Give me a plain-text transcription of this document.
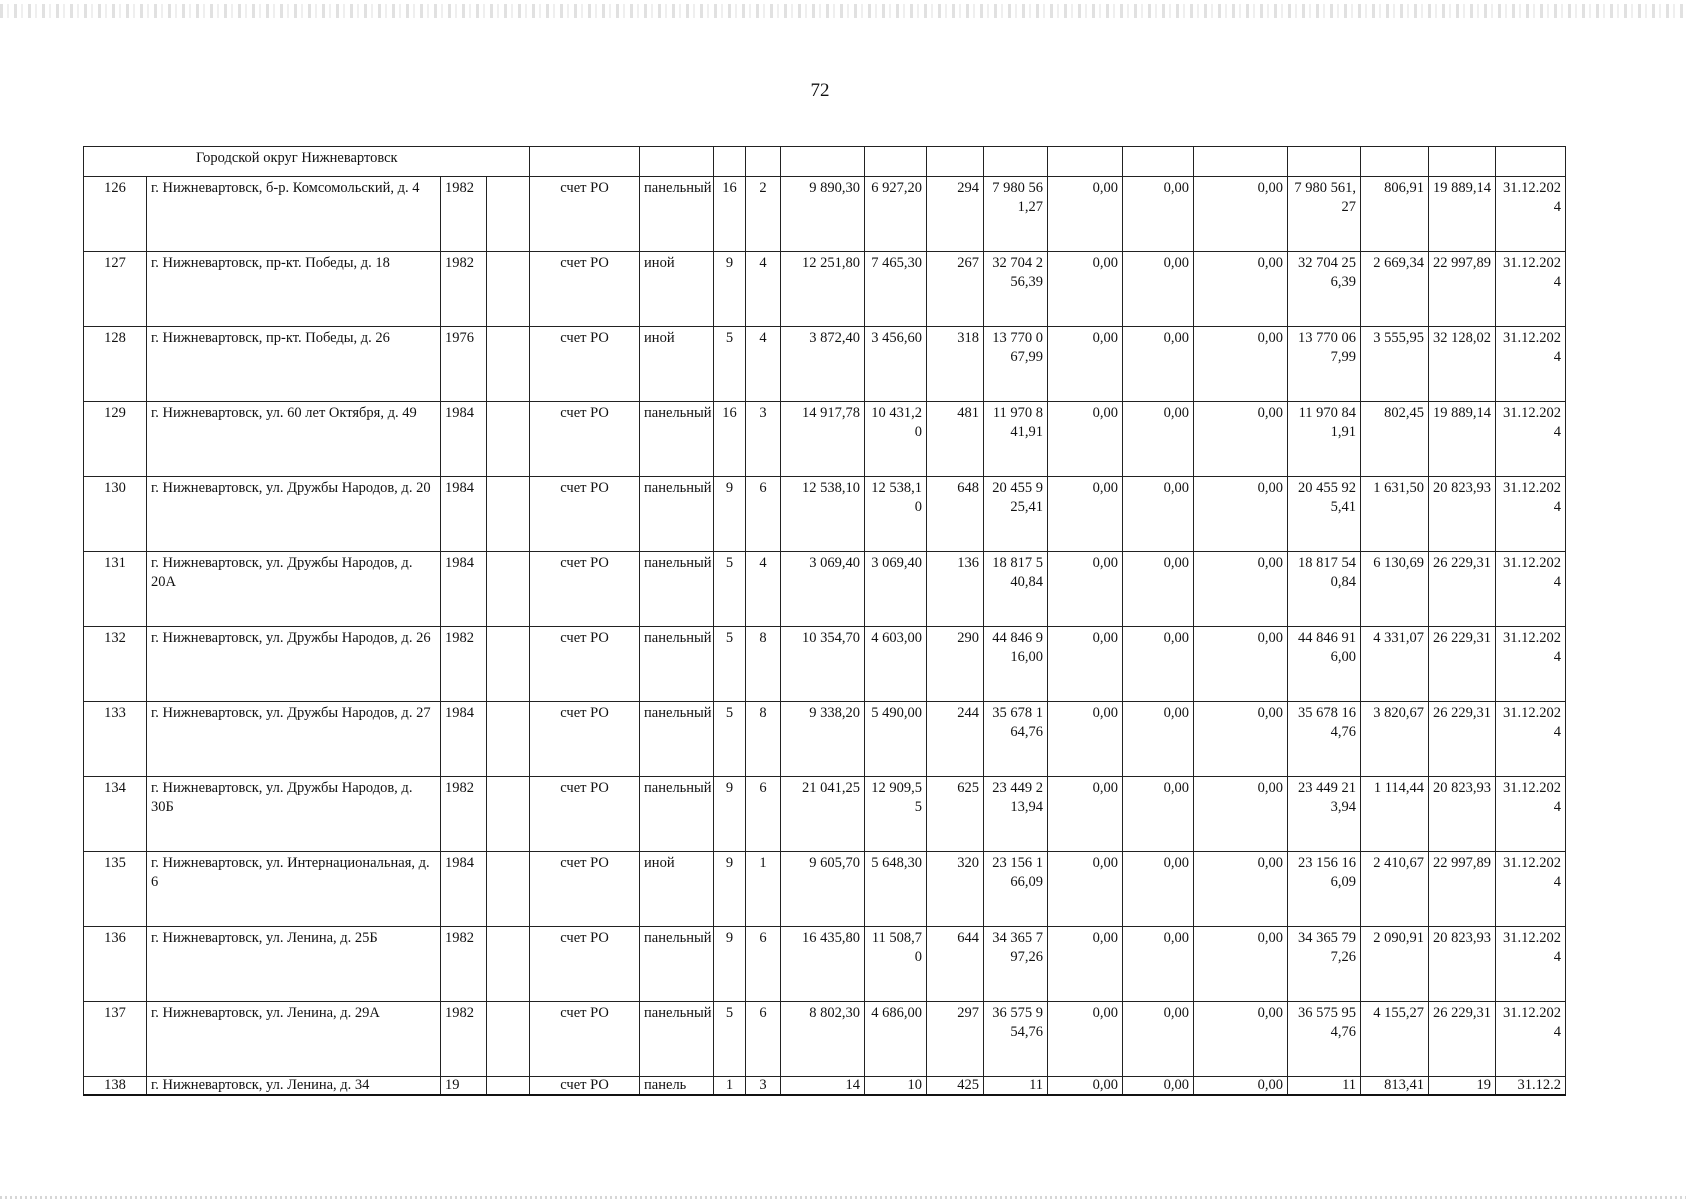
72
Городской округ Нижневартовск																		
126	г. Нижневартовск, б-р. Комсомольский, д. 4	1982		счет РО	панельный	16	2	9 890,30	6 927,20	294	7 980 561,27	0,00	0,00	0,00	7 980 561,27	806,91	19 889,14	31.12.2024
127	г. Нижневартовск, пр-кт. Победы, д. 18	1982		счет РО	иной	9	4	12 251,80	7 465,30	267	32 704 256,39	0,00	0,00	0,00	32 704 256,39	2 669,34	22 997,89	31.12.2024
128	г. Нижневартовск, пр-кт. Победы, д. 26	1976		счет РО	иной	5	4	3 872,40	3 456,60	318	13 770 067,99	0,00	0,00	0,00	13 770 067,99	3 555,95	32 128,02	31.12.2024
129	г. Нижневартовск, ул. 60 лет Октября, д. 49	1984		счет РО	панельный	16	3	14 917,78	10 431,20	481	11 970 841,91	0,00	0,00	0,00	11 970 841,91	802,45	19 889,14	31.12.2024
130	г. Нижневартовск, ул. Дружбы Народов, д. 20	1984		счет РО	панельный	9	6	12 538,10	12 538,10	648	20 455 925,41	0,00	0,00	0,00	20 455 925,41	1 631,50	20 823,93	31.12.2024
131	г. Нижневартовск, ул. Дружбы Народов, д. 20А	1984		счет РО	панельный	5	4	3 069,40	3 069,40	136	18 817 540,84	0,00	0,00	0,00	18 817 540,84	6 130,69	26 229,31	31.12.2024
132	г. Нижневартовск, ул. Дружбы Народов, д. 26	1982		счет РО	панельный	5	8	10 354,70	4 603,00	290	44 846 916,00	0,00	0,00	0,00	44 846 916,00	4 331,07	26 229,31	31.12.2024
133	г. Нижневартовск, ул. Дружбы Народов, д. 27	1984		счет РО	панельный	5	8	9 338,20	5 490,00	244	35 678 164,76	0,00	0,00	0,00	35 678 164,76	3 820,67	26 229,31	31.12.2024
134	г. Нижневартовск, ул. Дружбы Народов, д. 30Б	1982		счет РО	панельный	9	6	21 041,25	12 909,55	625	23 449 213,94	0,00	0,00	0,00	23 449 213,94	1 114,44	20 823,93	31.12.2024
135	г. Нижневартовск, ул. Интернациональная, д. 6	1984		счет РО	иной	9	1	9 605,70	5 648,30	320	23 156 166,09	0,00	0,00	0,00	23 156 166,09	2 410,67	22 997,89	31.12.2024
136	г. Нижневартовск, ул. Ленина, д. 25Б	1982		счет РО	панельный	9	6	16 435,80	11 508,70	644	34 365 797,26	0,00	0,00	0,00	34 365 797,26	2 090,91	20 823,93	31.12.2024
137	г. Нижневартовск, ул. Ленина, д. 29А	1982		счет РО	панельный	5	6	8 802,30	4 686,00	297	36 575 954,76	0,00	0,00	0,00	36 575 954,76	4 155,27	26 229,31	31.12.2024
138	г. Нижневартовск, ул. Ленина, д. 34	19		счет РО	панель	1	3	14	10	425	11	0,00	0,00	0,00	11	813,41	19	31.12.2
